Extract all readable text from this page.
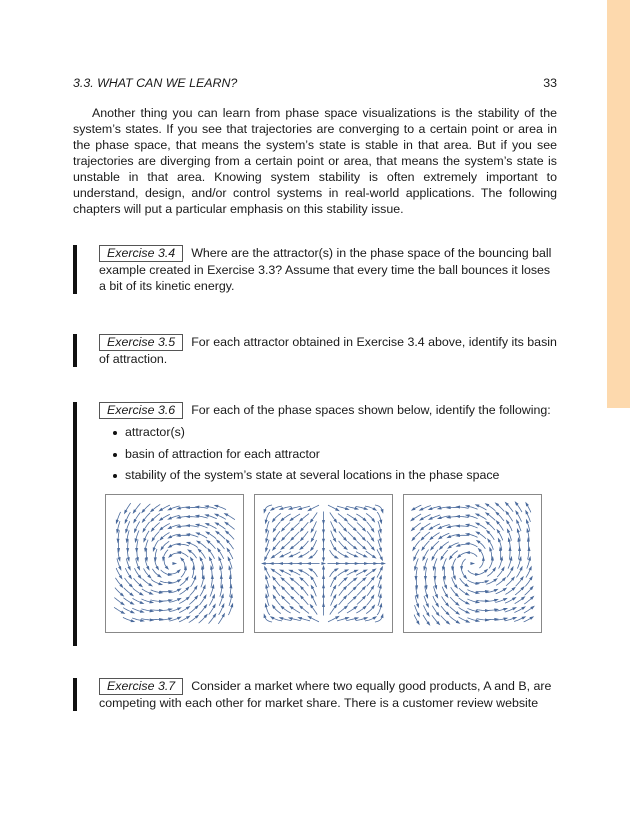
3.3. WHAT CAN WE LEARN?	33

Another thing you can learn from phase space visualizations is the stability of the system’s states. If you see that trajectories are converging to a certain point or area in the phase space, that means the system’s state is stable in that area. But if you see trajectories are diverging from a certain point or area, that means the system’s state is unstable in that area. Knowing system stability is often extremely important to understand, design, and/or control systems in real-world applications. The following chapters will put a particular emphasis on this stability issue.

Exercise 3.4 Where are the attractor(s) in the phase space of the bouncing ball example created in Exercise 3.3? Assume that every time the ball bounces it loses a bit of its kinetic energy.

Exercise 3.5 For each attractor obtained in Exercise 3.4 above, identify its basin of attraction.

Exercise 3.6 For each of the phase spaces shown below, identify the following:

attractor(s)
basin of attraction for each attractor
stability of the system’s state at several locations in the phase space

Exercise 3.7 Consider a market where two equally good products, A and B, are competing with each other for market share. There is a customer review website
